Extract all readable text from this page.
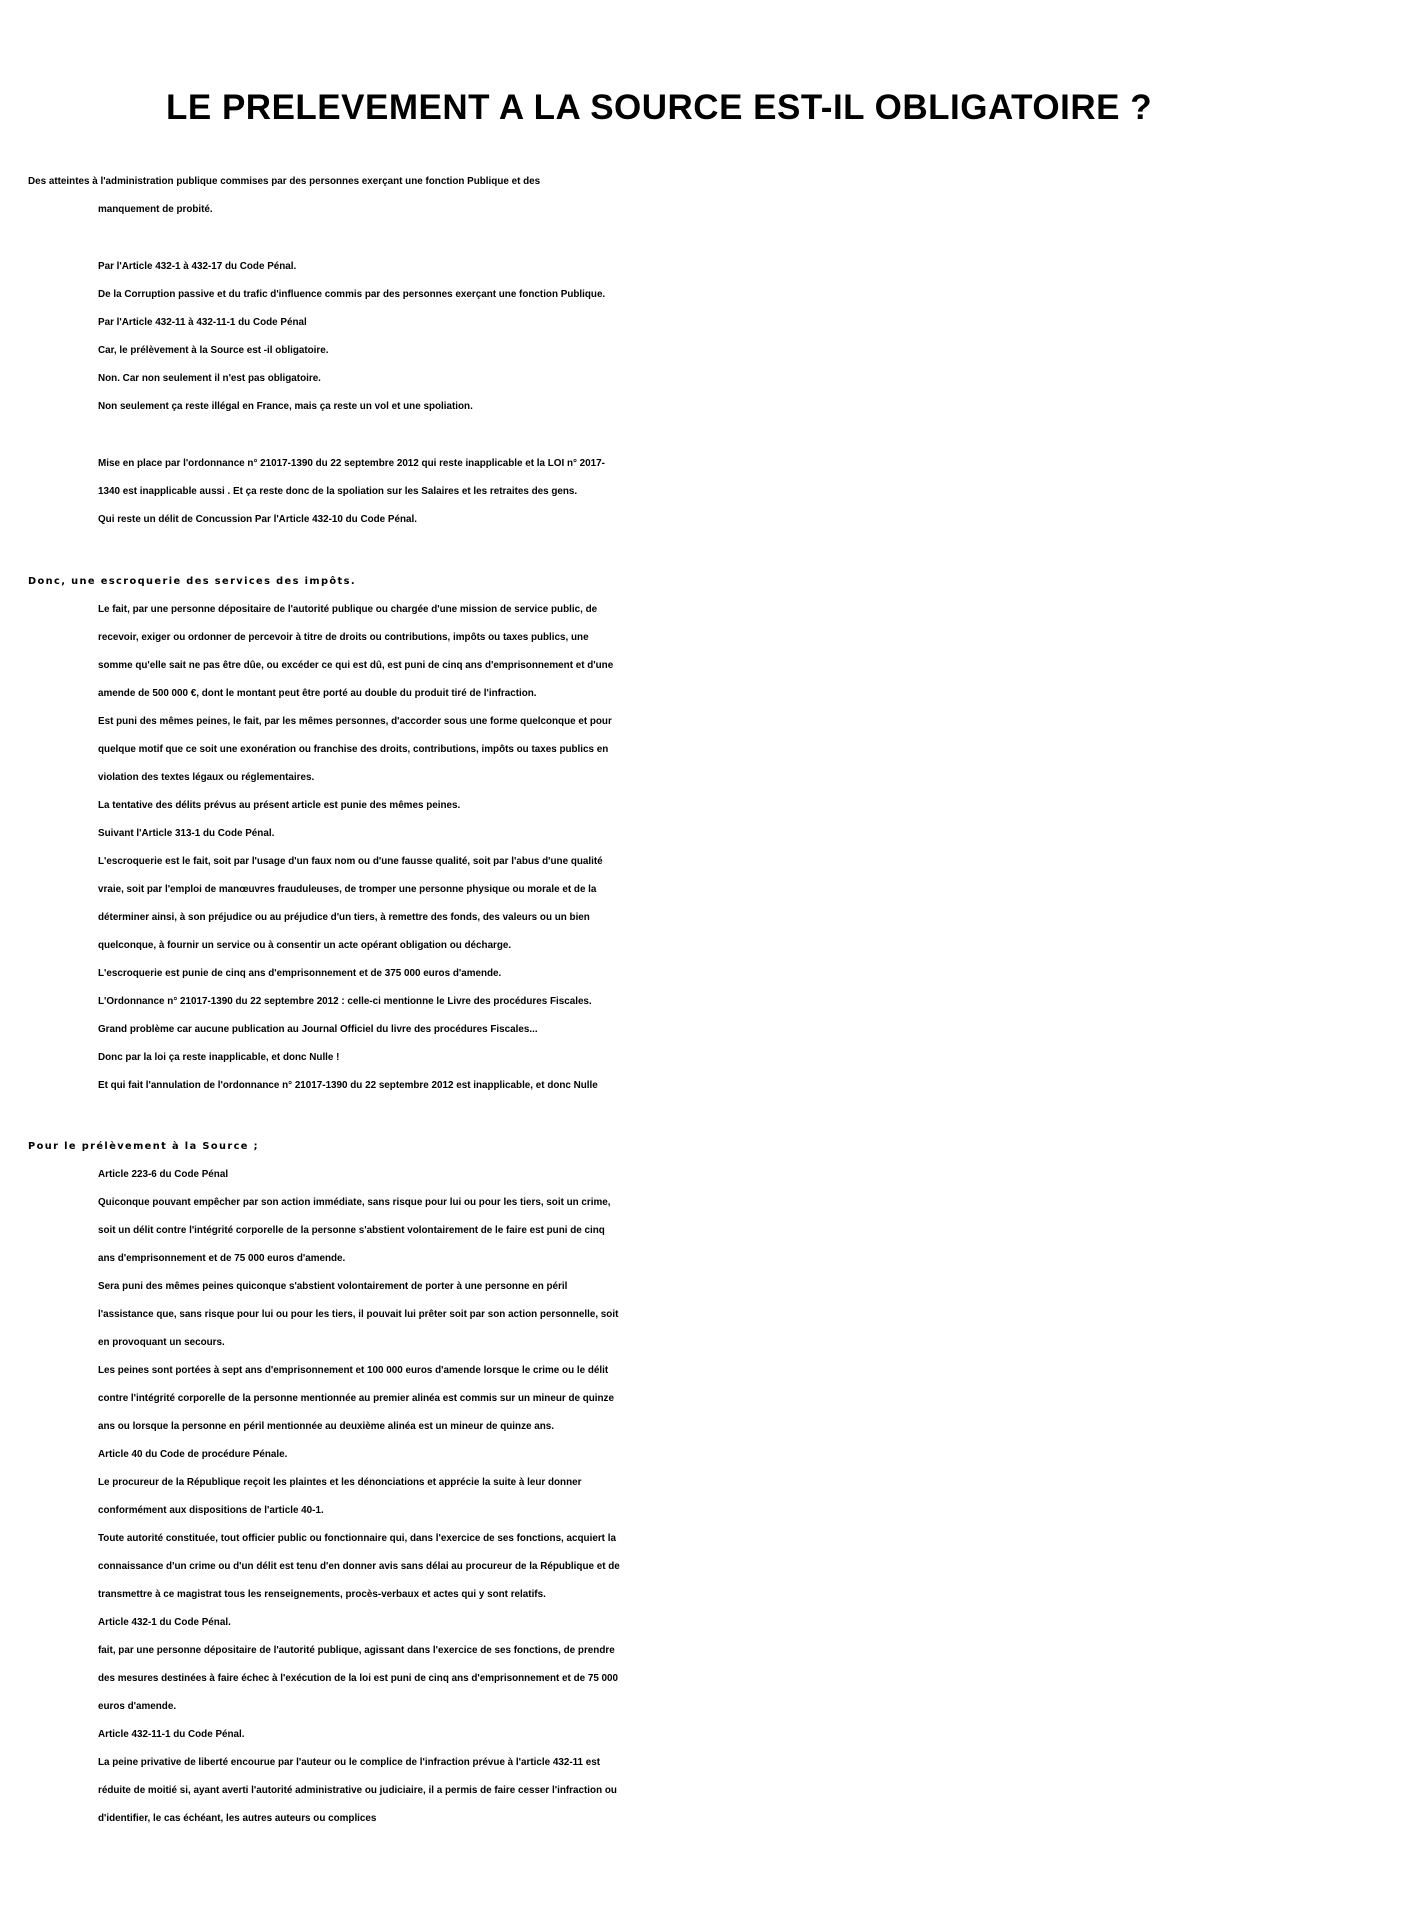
LE PRELEVEMENT A LA SOURCE EST-IL OBLIGATOIRE ?

Des atteintes à l'administration publique commises par des personnes exerçant une fonction Publique et des

manquement de probité.

Par l'Article 432-1 à 432-17 du Code Pénal.

De la Corruption passive et du trafic d'influence commis par des personnes exerçant une fonction Publique.

Par l'Article 432-11 à 432-11-1 du Code Pénal

Car, le prélèvement à la Source est -il obligatoire.

Non. Car non seulement il n'est pas obligatoire.

Non seulement ça reste illégal en France, mais ça reste un vol et une spoliation.

Mise en place par l'ordonnance n° 21017-1390 du 22 septembre 2012 qui reste inapplicable et la LOI n° 2017-

1340 est inapplicable aussi . Et ça reste donc de la spoliation sur les Salaires et les retraites des gens.

Qui reste un délit de Concussion Par l'Article 432-10 du Code Pénal.

Donc, une escroquerie des services des impôts.

Le fait, par une personne dépositaire de l'autorité publique ou chargée d'une mission de service public, de

recevoir, exiger ou ordonner de percevoir à titre de droits ou contributions, impôts ou taxes publics, une

somme qu'elle sait ne pas être dûe, ou excéder ce qui est dû, est puni de cinq ans d'emprisonnement et d'une

amende de 500 000 €, dont le montant peut être porté au double du produit tiré de l'infraction.

Est puni des mêmes peines, le fait, par les mêmes personnes, d'accorder sous une forme quelconque et pour

quelque motif que ce soit une exonération ou franchise des droits, contributions, impôts ou taxes publics en

violation des textes légaux ou réglementaires.

La tentative des délits prévus au présent article est punie des mêmes peines.

Suivant l'Article 313-1 du Code Pénal.

L'escroquerie est le fait, soit par l'usage d'un faux nom ou d'une fausse qualité, soit par l'abus d'une qualité

vraie, soit par l'emploi de manœuvres frauduleuses, de tromper une personne physique ou morale et de la

déterminer ainsi, à son préjudice ou au préjudice d'un tiers, à remettre des fonds, des valeurs ou un bien

quelconque, à fournir un service ou à consentir un acte opérant obligation ou décharge.

L'escroquerie est punie de cinq ans d'emprisonnement et de 375 000 euros d'amende.

L'Ordonnance n° 21017-1390 du 22 septembre 2012 : celle-ci mentionne le Livre des procédures Fiscales.

Grand problème car aucune publication au Journal Officiel du livre des procédures Fiscales...

Donc par la loi ça reste inapplicable, et donc Nulle !

Et qui fait l'annulation de l'ordonnance n° 21017-1390 du 22 septembre 2012 est inapplicable, et donc Nulle

Pour le prélèvement à la Source ;

Article 223-6 du Code Pénal

Quiconque pouvant empêcher par son action immédiate, sans risque pour lui ou pour les tiers, soit un crime,

soit un délit contre l'intégrité corporelle de la personne s'abstient volontairement de le faire est puni de cinq

ans d'emprisonnement et de 75 000 euros d'amende.

Sera puni des mêmes peines quiconque s'abstient volontairement de porter à une personne en péril

l'assistance que, sans risque pour lui ou pour les tiers, il pouvait lui prêter soit par son action personnelle, soit

en provoquant un secours.

Les peines sont portées à sept ans d'emprisonnement et 100 000 euros d'amende lorsque le crime ou le délit

contre l'intégrité corporelle de la personne mentionnée au premier alinéa est commis sur un mineur de quinze

ans ou lorsque la personne en péril mentionnée au deuxième alinéa est un mineur de quinze ans.

Article 40 du Code de procédure Pénale.

Le procureur de la République reçoit les plaintes et les dénonciations et apprécie la suite à leur donner

conformément aux dispositions de l'article 40-1.

Toute autorité constituée, tout officier public ou fonctionnaire qui, dans l'exercice de ses fonctions, acquiert la

connaissance d'un crime ou d'un délit est tenu d'en donner avis sans délai au procureur de la République et de

transmettre à ce magistrat tous les renseignements, procès-verbaux et actes qui y sont relatifs.

Article 432-1 du Code Pénal.

fait, par une personne dépositaire de l'autorité publique, agissant dans l'exercice de ses fonctions, de prendre

des mesures destinées à faire échec à l'exécution de la loi est puni de cinq ans d'emprisonnement et de 75 000

euros d'amende.

Article 432-11-1 du Code Pénal.

La peine privative de liberté encourue par l'auteur ou le complice de l'infraction prévue à l'article 432-11 est

réduite de moitié si, ayant averti l'autorité administrative ou judiciaire, il a permis de faire cesser l'infraction ou

d'identifier, le cas échéant, les autres auteurs ou complices
